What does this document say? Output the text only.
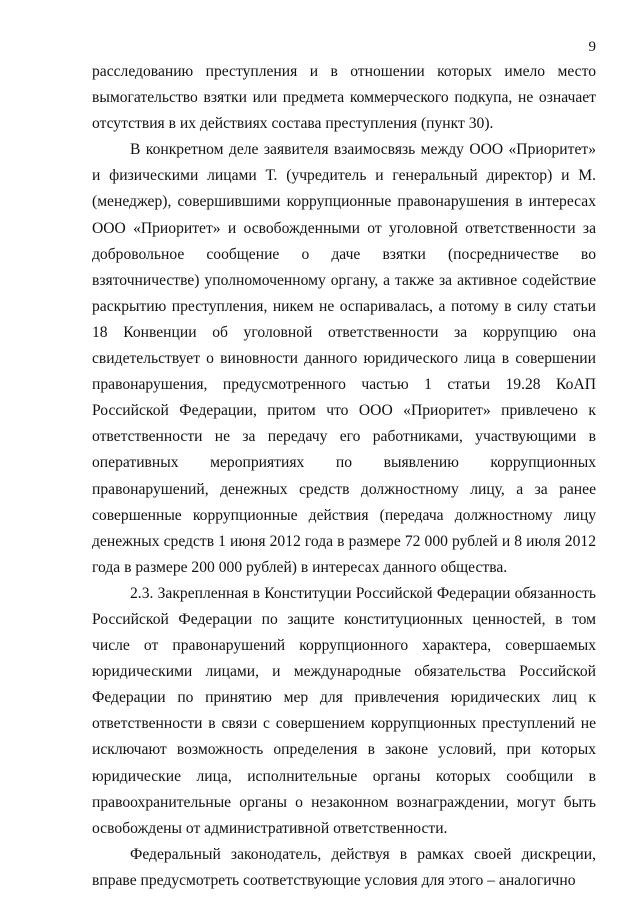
9

расследованию преступления и в отношении которых имело место вымогательство взятки или предмета коммерческого подкупа, не означает отсутствия в их действиях состава преступления (пункт 30).

В конкретном деле заявителя взаимосвязь между ООО «Приоритет» и физическими лицами Т. (учредитель и генеральный директор) и М. (менеджер), совершившими коррупционные правонарушения в интересах ООО «Приоритет» и освобожденными от уголовной ответственности за добровольное сообщение о даче взятки (посредничестве во взяточничестве) уполномоченному органу, а также за активное содействие раскрытию преступления, никем не оспаривалась, а потому в силу статьи 18 Конвенции об уголовной ответственности за коррупцию она свидетельствует о виновности данного юридического лица в совершении правонарушения, предусмотренного частью 1 статьи 19.28 КоАП Российской Федерации, притом что ООО «Приоритет» привлечено к ответственности не за передачу его работниками, участвующими в оперативных мероприятиях по выявлению коррупционных правонарушений, денежных средств должностному лицу, а за ранее совершенные коррупционные действия (передача должностному лицу денежных средств 1 июня 2012 года в размере 72 000 рублей и 8 июля 2012 года в размере 200 000 рублей) в интересах данного общества.

2.3. Закрепленная в Конституции Российской Федерации обязанность Российской Федерации по защите конституционных ценностей, в том числе от правонарушений коррупционного характера, совершаемых юридическими лицами, и международные обязательства Российской Федерации по принятию мер для привлечения юридических лиц к ответственности в связи с совершением коррупционных преступлений не исключают возможность определения в законе условий, при которых юридические лица, исполнительные органы которых сообщили в правоохранительные органы о незаконном вознаграждении, могут быть освобождены от административной ответственности.

Федеральный законодатель, действуя в рамках своей дискреции, вправе предусмотреть соответствующие условия для этого – аналогично
